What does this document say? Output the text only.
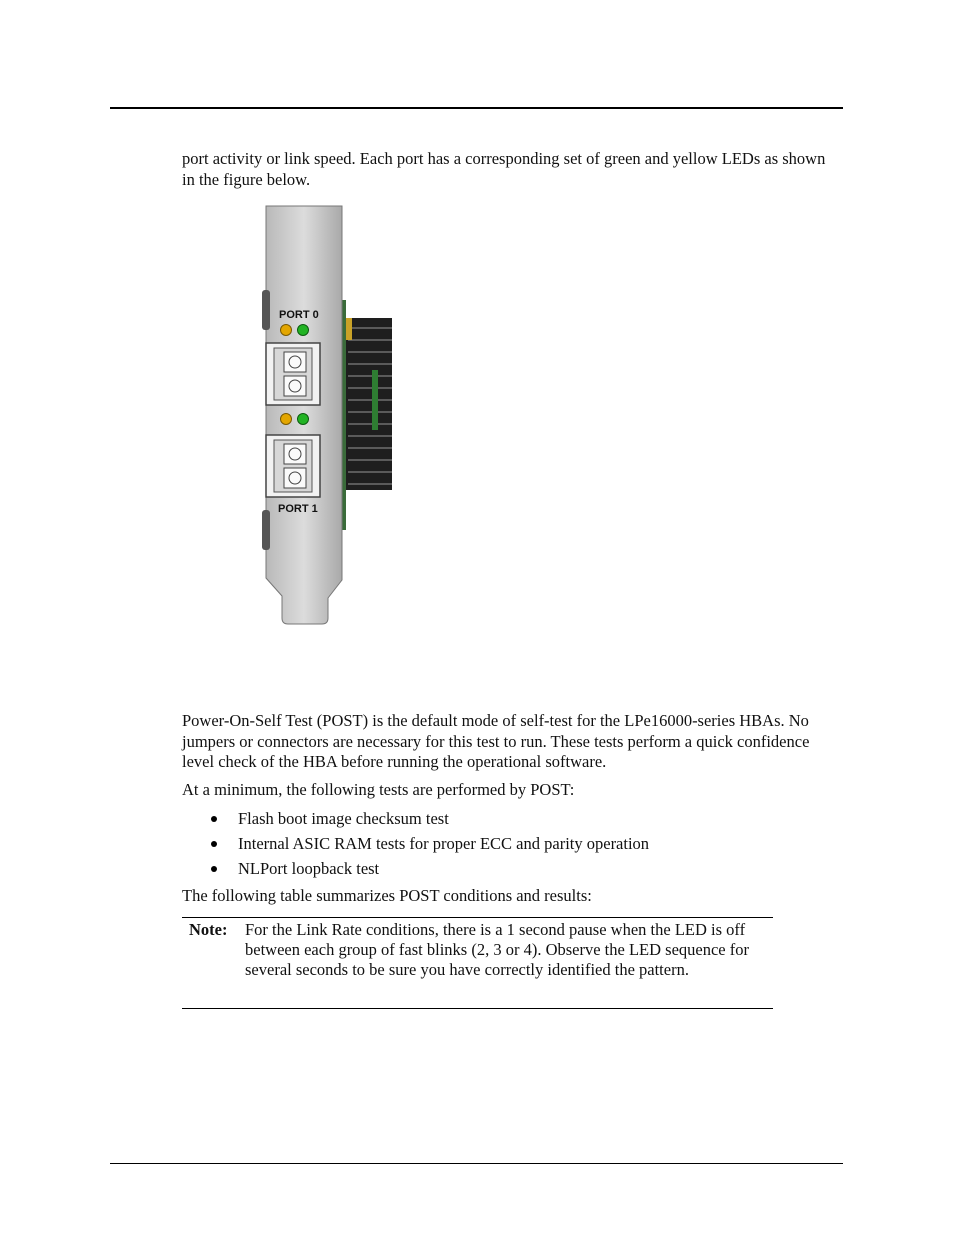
port activity or link speed. Each port has a corresponding set of green and yellow LEDs as shown in the figure below.

PORT 0
PORT 1

Power-On-Self Test (POST) is the default mode of self-test for the LPe16000-series HBAs. No jumpers or connectors are necessary for this test to run. These tests perform a quick confidence level check of the HBA before running the operational software.

At a minimum, the following tests are performed by POST:

Flash boot image checksum test
Internal ASIC RAM tests for proper ECC and parity operation
NLPort loopback test

The following table summarizes POST conditions and results:

Note: For the Link Rate conditions, there is a 1 second pause when the LED is off between each group of fast blinks (2, 3 or 4). Observe the LED sequence for several seconds to be sure you have correctly identified the pattern.
